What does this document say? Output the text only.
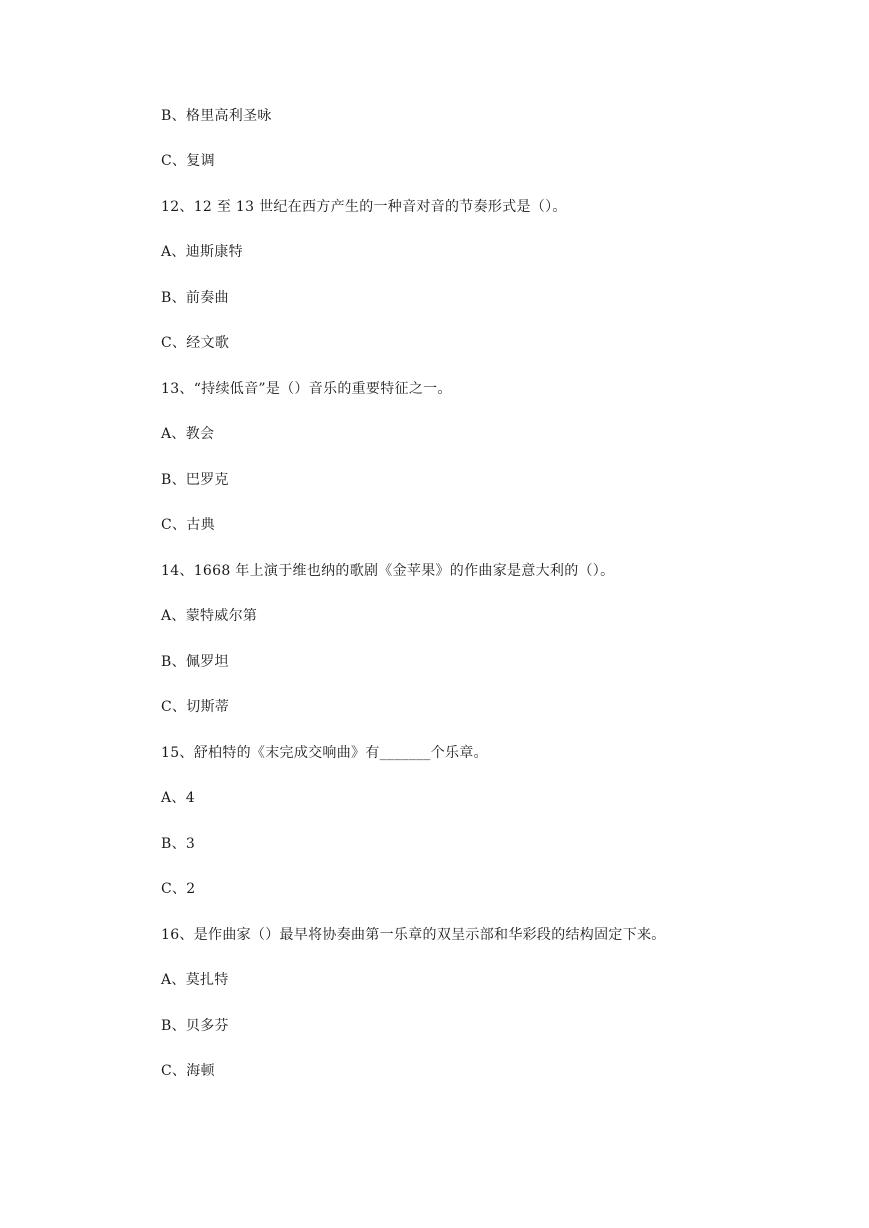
B、格里高利圣咏
C、复调
12、12 至 13 世纪在西方产生的一种音对音的节奏形式是（）。
A、迪斯康特
B、前奏曲
C、经文歌
13、“持续低音”是（）音乐的重要特征之一。
A、教会
B、巴罗克
C、古典
14、1668 年上演于维也纳的歌剧《金苹果》的作曲家是意大利的（）。
A、蒙特威尔第
B、佩罗坦
C、切斯蒂
15、舒柏特的《末完成交响曲》有_______个乐章。
A、4
B、3
C、2
16、是作曲家（）最早将协奏曲第一乐章的双呈示部和华彩段的结构固定下来。
A、莫扎特
B、贝多芬
C、海顿
